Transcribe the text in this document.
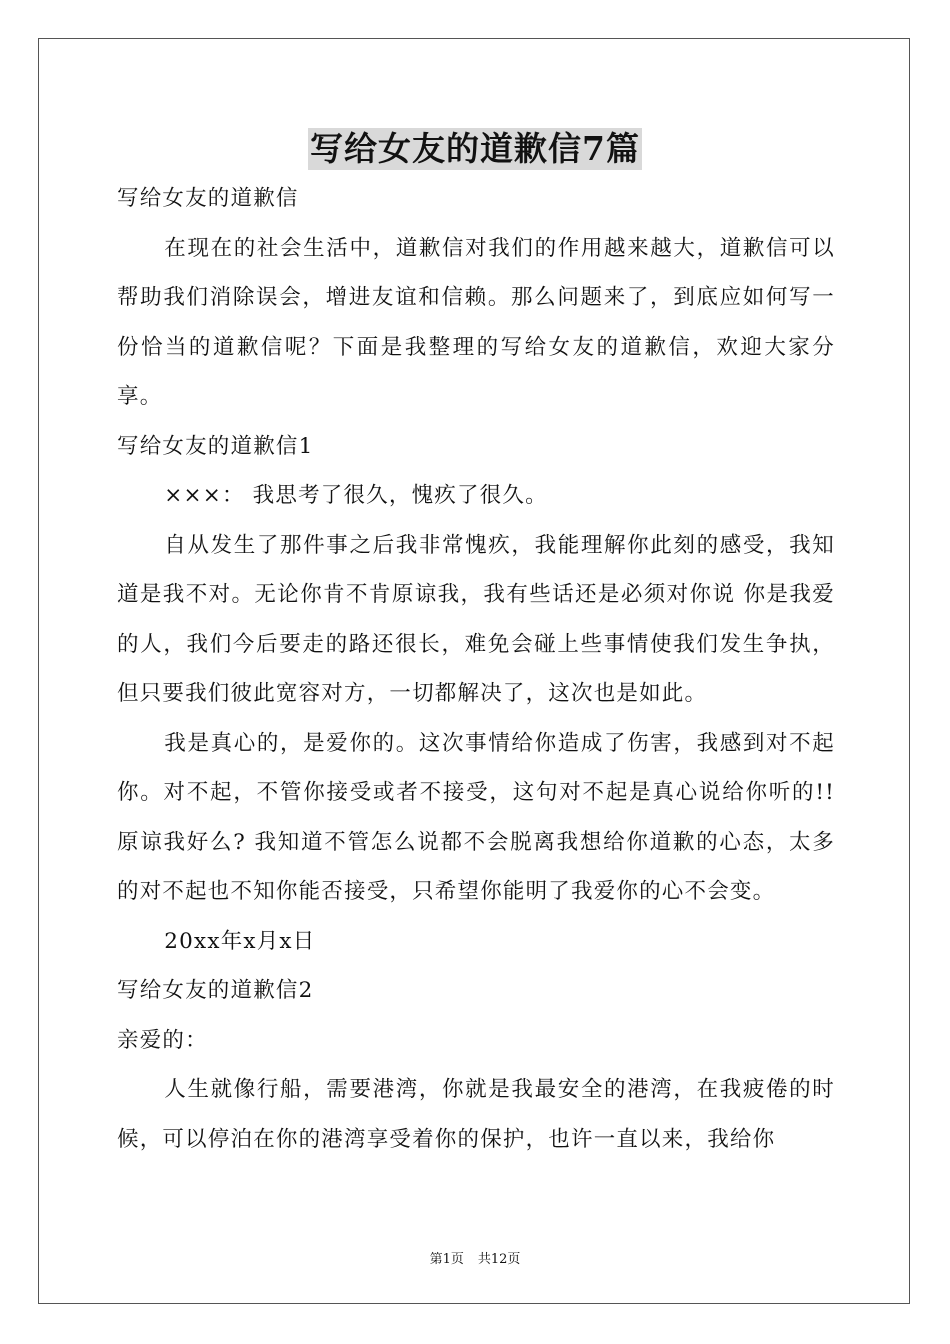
写给女友的道歉信7篇

写给女友的道歉信

在现在的社会生活中，道歉信对我们的作用越来越大，道歉信可以帮助我们消除误会，增进友谊和信赖。那么问题来了，到底应如何写一份恰当的道歉信呢？下面是我整理的写给女友的道歉信，欢迎大家分享。

写给女友的道歉信1

×××： 我思考了很久，愧疚了很久。

自从发生了那件事之后我非常愧疚，我能理解你此刻的感受，我知道是我不对。无论你肯不肯原谅我，我有些话还是必须对你说 你是我爱的人，我们今后要走的路还很长，难免会碰上些事情使我们发生争执，但只要我们彼此宽容对方，一切都解决了，这次也是如此。

我是真心的，是爱你的。这次事情给你造成了伤害，我感到对不起你。对不起，不管你接受或者不接受，这句对不起是真心说给你听的!!原谅我好么? 我知道不管怎么说都不会脱离我想给你道歉的心态，太多的对不起也不知你能否接受，只希望你能明了我爱你的心不会变。

20xx年x月x日

写给女友的道歉信2

亲爱的：

人生就像行船，需要港湾，你就是我最安全的港湾，在我疲倦的时候，可以停泊在你的港湾享受着你的保护，也许一直以来，我给你

第1页 共12页
